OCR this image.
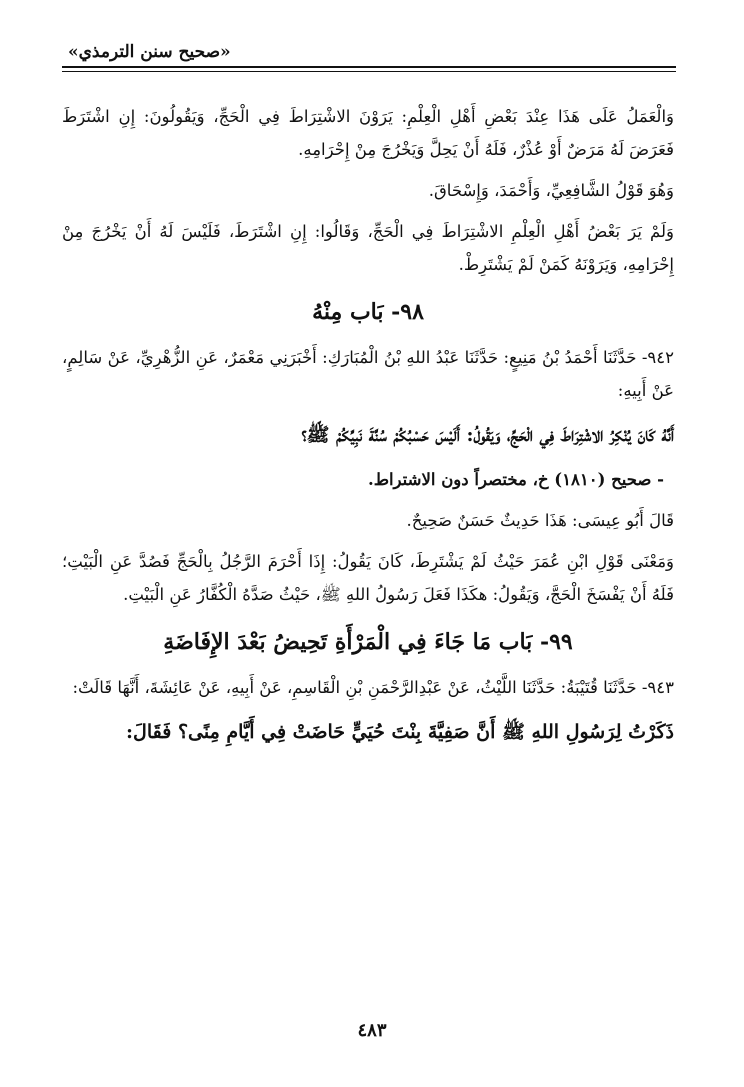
«صحيح سنن الترمذي»

وَالْعَمَلُ عَلَى هَذَا عِنْدَ بَعْضِ أَهْلِ الْعِلْمِ: يَرَوْنَ الاشْتِرَاطَ فِي الْحَجِّ، وَيَقُولُونَ: إِنِ اشْتَرَطَ فَعَرَضَ لَهُ مَرَضٌ أَوْ عُذْرٌ، فَلَهُ أَنْ يَحِلَّ وَيَخْرُجَ مِنْ إِحْرَامِهِ.

وَهُوَ قَوْلُ الشَّافِعِيِّ، وَأَحْمَدَ، وَإِسْحَاقَ.

وَلَمْ يَرَ بَعْضُ أَهْلِ الْعِلْمِ الاشْتِرَاطَ فِي الْحَجِّ، وَقَالُوا: إِنِ اشْتَرَطَ، فَلَيْسَ لَهُ أَنْ يَخْرُجَ مِنْ إِحْرَامِهِ، وَيَرَوْنَهُ كَمَنْ لَمْ يَشْتَرِطْ.

٩٨- بَاب مِنْهُ

٩٤٢- حَدَّثَنَا أَحْمَدُ بْنُ مَنِيعٍ: حَدَّثَنَا عَبْدُ اللهِ بْنُ الْمُبَارَكِ: أَخْبَرَنِي مَعْمَرٌ، عَنِ الزُّهْرِيِّ، عَنْ سَالِمٍ، عَنْ أَبِيهِ:

أَنَّهُ كَانَ يُنْكِرُ الاشْتِرَاطَ فِي الْحَجِّ، وَيَقُولُ: أَلَيْسَ حَسْبُكُمْ سُنَّةَ نَبِيِّكُمْ ﷺ؟

- صحيح (١٨١٠) خ، مختصراً دون الاشتراط.

قَالَ أَبُو عِيسَى: هَذَا حَدِيثٌ حَسَنٌ صَحِيحٌ.

وَمَعْنَى قَوْلِ ابْنِ عُمَرَ حَيْثُ لَمْ يَشْتَرِطَ، كَانَ يَقُولُ: إِذَا أَحْرَمَ الرَّجُلُ بِالْحَجِّ فَصُدَّ عَنِ الْبَيْتِ؛ فَلَهُ أَنْ يَفْسَخَ الْحَجَّ، وَيَقُولُ: هكَذَا فَعَلَ رَسُولُ اللهِ ﷺ، حَيْثُ صَدَّهُ الْكُفَّارُ عَنِ الْبَيْتِ.

٩٩- بَاب مَا جَاءَ فِي الْمَرْأَةِ تَحِيضُ بَعْدَ الإِفَاضَةِ

٩٤٣- حَدَّثَنَا قُتَيْبَةُ: حَدَّثَنَا اللَّيْثُ، عَنْ عَبْدِالرَّحْمَنِ بْنِ الْقَاسِمِ، عَنْ أَبِيهِ، عَنْ عَائِشَةَ، أَنَّهَا قَالَتْ:

ذَكَرْتُ لِرَسُولِ اللهِ ﷺ أَنَّ صَفِيَّةَ بِنْتَ حُيَيٍّ حَاضَتْ فِي أَيَّامِ مِنًى؟ فَقَالَ:

٤٨٣
